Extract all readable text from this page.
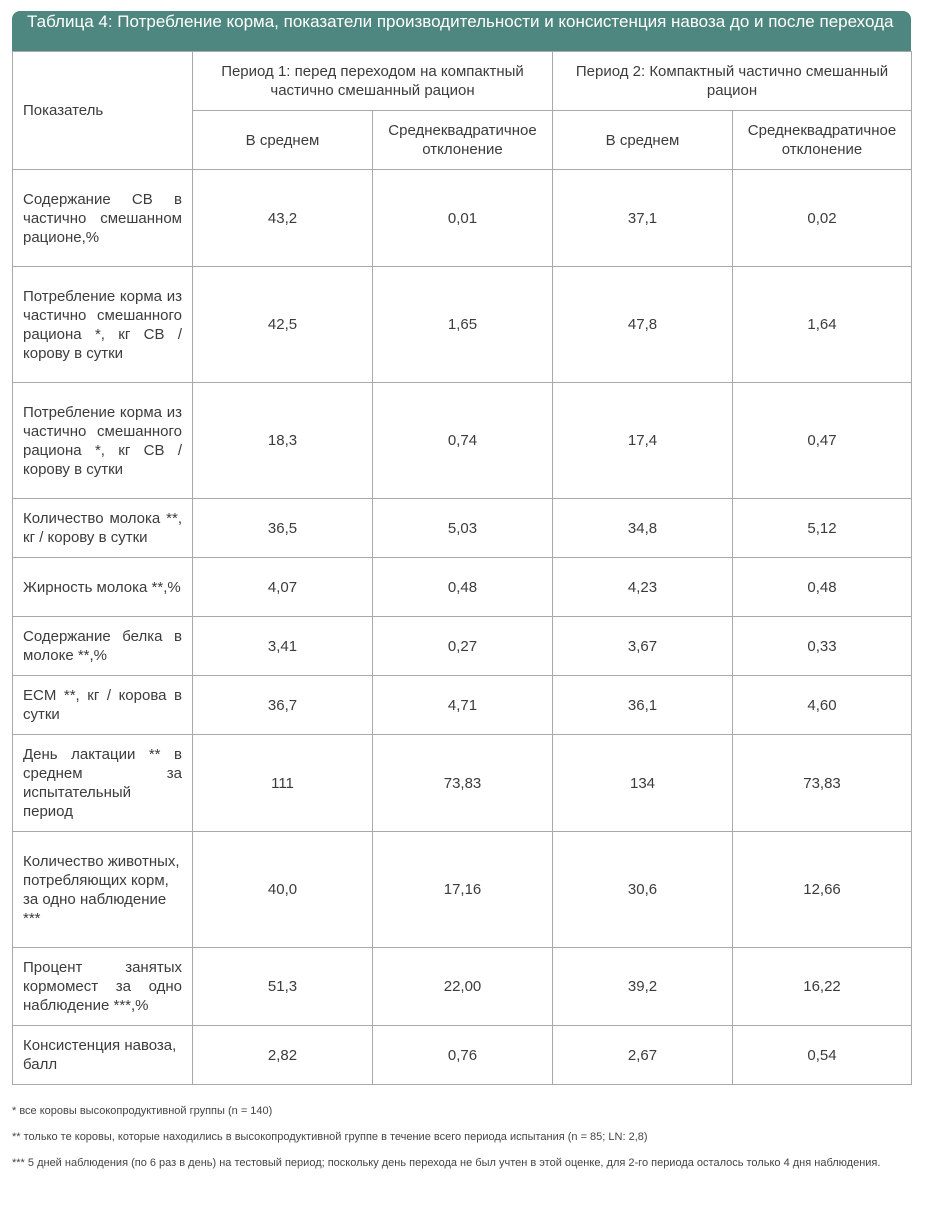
Таблица 4: Потребление корма, показатели производительности и консистенция навоза до и после перехода
Показатель	Период 1: перед переходом на компактный частично смешанный рацион		Период 2: Компактный частично смешанный рацион	
	В среднем	Среднеквадратичное отклонение	В среднем	Среднеквадратичное отклонение
Содержание СВ в частично смешанном рационе,%	43,2	0,01	37,1	0,02
Потребление корма из частично смешанного рациона *, кг СВ / корову в сутки	42,5	1,65	47,8	1,64
Потребление корма из частично смешанного рациона *, кг СВ / корову в сутки	18,3	0,74	17,4	0,47
Количество молока **, кг / корову в сутки	36,5	5,03	34,8	5,12
Жирность молока **,%	4,07	0,48	4,23	0,48
Содержание белка в молоке **,%	3,41	0,27	3,67	0,33
ECM **, кг / корова в сутки	36,7	4,71	36,1	4,60
День лактации ** в среднем за испытательный период	111	73,83	134	73,83
Количество животных, потребляющих корм, за одно наблюдение ***	40,0	17,16	30,6	12,66
Процент занятых кормомест за одно наблюдение ***,%	51,3	22,00	39,2	16,22
Консистенция навоза, балл	2,82	0,76	2,67	0,54

* все коровы высокопродуктивной группы (n = 140)

** только те коровы, которые находились в высокопродуктивной группе в течение всего периода испытания (n = 85; LN: 2,8)

*** 5 дней наблюдения (по 6 раз в день) на тестовый период; поскольку день перехода не был учтен в этой оценке, для 2-го периода осталось только 4 дня наблюдения.
